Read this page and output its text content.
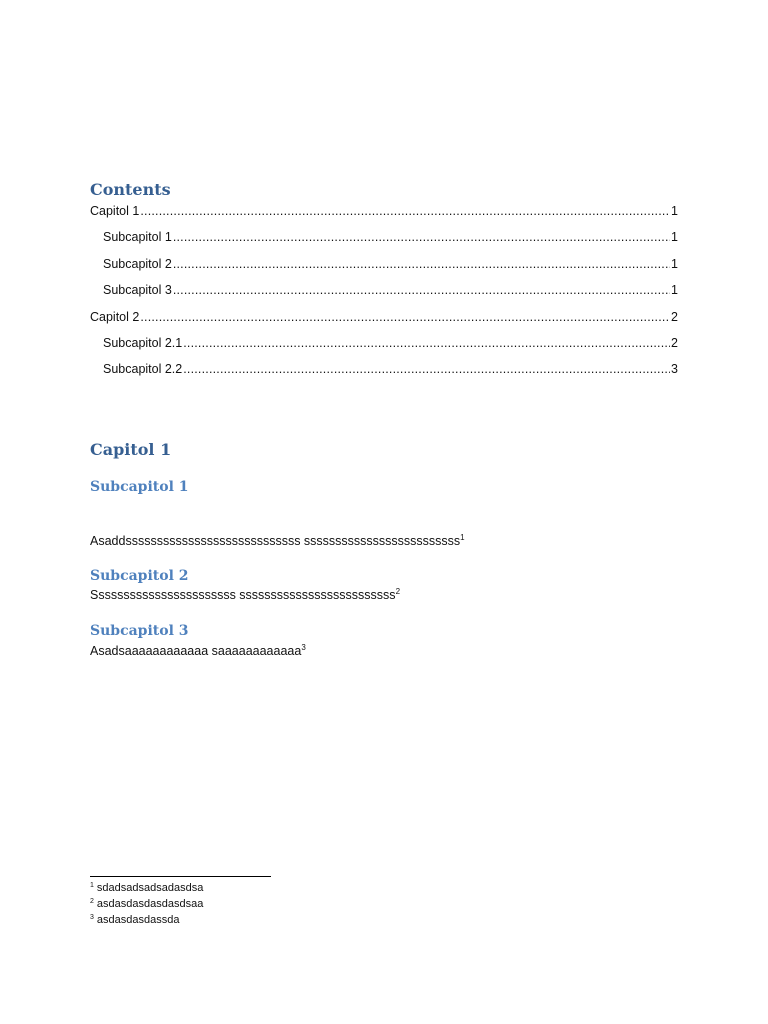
Contents
Capitol 1 .....	1
Subcapitol 1 .....	1
Subcapitol 2 .....	1
Subcapitol 3 .....	1
Capitol 2 .....	2
Subcapitol 2.1 .....	2
Subcapitol 2.2 .....	3
Capitol 1
Subcapitol 1

Asaddssssssssssssssssssssssssssss sssssssssssssssssssssssss$^1$

Subcapitol 2

Sssssssssssssssssssssss sssssssssssssssssssssssss$^2$

Subcapitol 3

Asadsaaaaaaaaaaaa saaaaaaaaaaaa$^3$

$^1$ sdadsadsadsadasdsa
$^2$ asdasdasdasdasdsaa
$^3$ asdasdasdassda
